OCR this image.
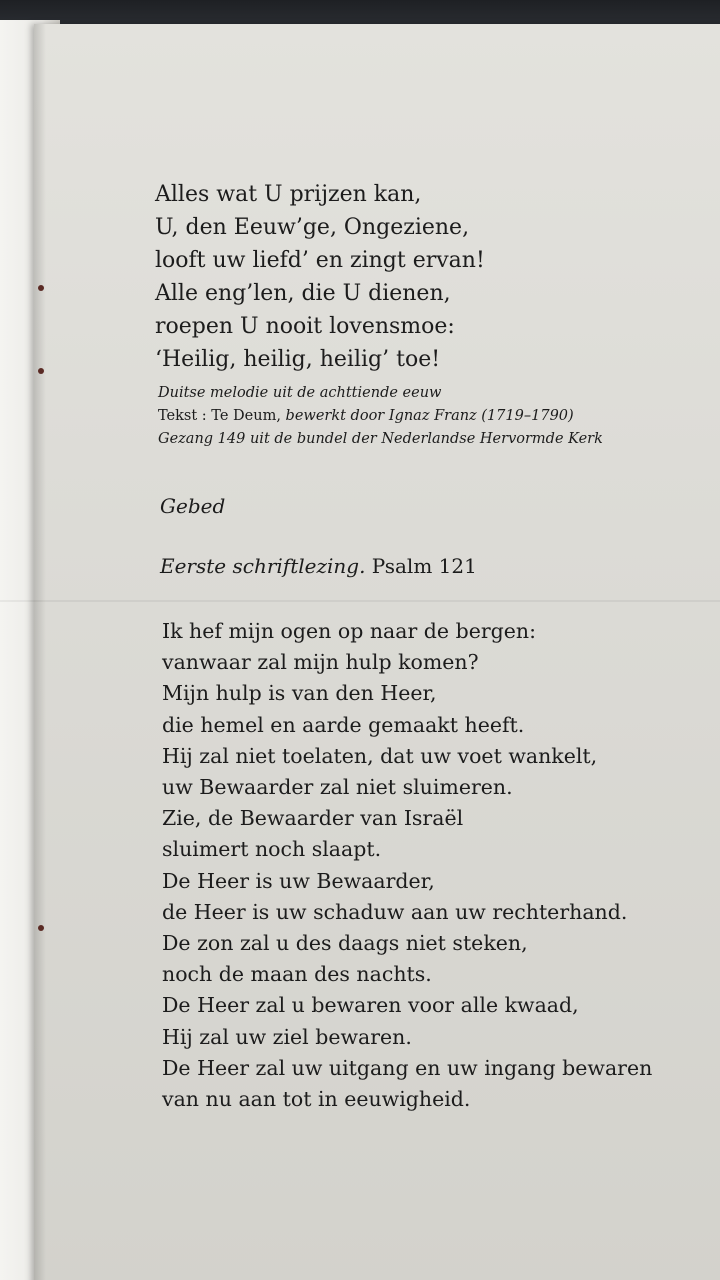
Alles wat U prijzen kan,
U, den Eeuw’ge, Ongeziene,
looft uw liefd’ en zingt ervan!
Alle eng’len, die U dienen,
roepen U nooit lovensmoe:
‘Heilig, heilig, heilig’ toe!
Duitse melodie uit de achttiende eeuw
Tekst : Te Deum, bewerkt door Ignaz Franz (1719–1790)
Gezang 149 uit de bundel der Nederlandse Hervormde Kerk
Gebed
Eerste schriftlezing. Psalm 121
Ik hef mijn ogen op naar de bergen:
vanwaar zal mijn hulp komen?
Mijn hulp is van den Heer,
die hemel en aarde gemaakt heeft.
Hij zal niet toelaten, dat uw voet wankelt,
uw Bewaarder zal niet sluimeren.
Zie, de Bewaarder van Israël
sluimert noch slaapt.
De Heer is uw Bewaarder,
de Heer is uw schaduw aan uw rechterhand.
De zon zal u des daags niet steken,
noch de maan des nachts.
De Heer zal u bewaren voor alle kwaad,
Hij zal uw ziel bewaren.
De Heer zal uw uitgang en uw ingang bewaren
van nu aan tot in eeuwigheid.
